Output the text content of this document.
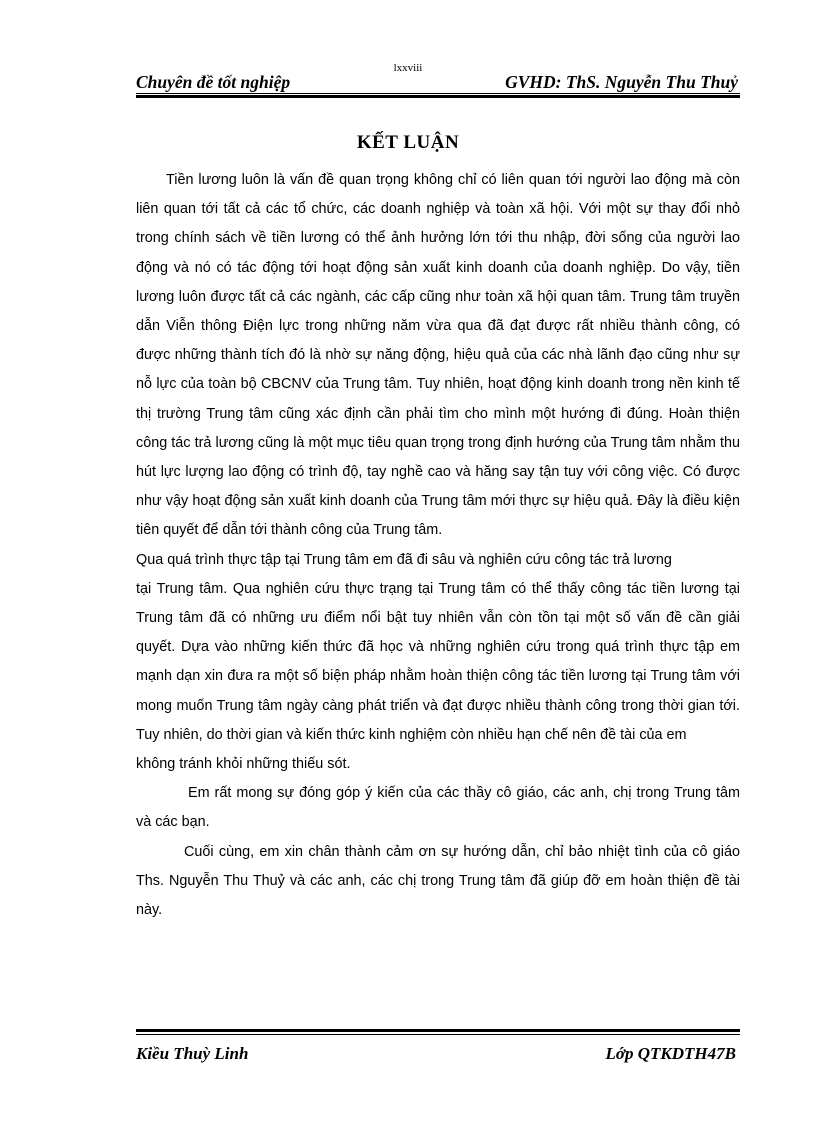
lxxviii
Chuyên đề tốt nghiệp	GVHD: ThS. Nguyễn Thu Thuỷ
KẾT LUẬN

Tiền lương luôn là vấn đề quan trọng không chỉ có liên quan tới người lao động mà còn liên quan tới tất cả các tổ chức, các doanh nghiệp và toàn xã hội. Với một sự thay đổi nhỏ trong chính sách về tiền lương có thể ảnh hưởng lớn tới thu nhập, đời sống của người lao động và nó có tác động tới hoạt động sản xuất kinh doanh của doanh nghiệp. Do vậy, tiền lương luôn được tất cả các ngành, các cấp cũng như toàn xã hội quan tâm. Trung tâm truyền dẫn Viễn thông Điện lực trong những năm vừa qua đã đạt được rất nhiều thành công, có được những thành tích đó là nhờ sự năng động, hiệu quả của các nhà lãnh đạo cũng như sự nỗ lực của toàn bộ CBCNV của Trung tâm. Tuy nhiên, hoạt động kinh doanh trong nền kinh tế thị trường Trung tâm cũng xác định cần phải tìm cho mình một hướng đi đúng. Hoàn thiện công tác trả lương cũng là một mục tiêu quan trọng trong định hướng của Trung tâm nhằm thu hút lực lượng lao động có trình độ, tay nghề cao và hăng say tận tuy với công việc. Có được như vậy hoạt động sản xuất kinh doanh của Trung tâm mới thực sự hiệu quả. Đây là điều kiện tiên quyết để dẫn tới thành công của Trung tâm.

Qua quá trình thực tập tại Trung tâm em đã đi sâu và nghiên cứu công tác trả lương

tại Trung tâm. Qua nghiên cứu thực trạng tại Trung tâm có thể thấy công tác tiền lương tại Trung tâm đã có những ưu điểm nổi bật tuy nhiên vẫn còn tồn tại một số vấn đề cần giải quyết. Dựa vào những kiến thức đã học và những nghiên cứu trong quá trình thực tập em mạnh dạn xin đưa ra một số biện pháp nhằm hoàn thiện công tác tiền lương tại Trung tâm với mong muốn Trung tâm ngày càng phát triển và đạt được nhiều thành công trong thời gian tới. Tuy nhiên, do thời gian và kiến thức kinh nghiệm còn nhiều hạn chế nên đề tài của em

không tránh khỏi những thiếu sót.

Em rất mong sự đóng góp ý kiến của các thầy cô giáo, các anh, chị trong Trung tâm và các bạn.

Cuối cùng, em xin chân thành cảm ơn sự hướng dẫn, chỉ bảo nhiệt tình của cô giáo Ths. Nguyễn Thu Thuỷ và các anh, các chị trong Trung tâm đã giúp đỡ em hoàn thiện đề tài này.

Kiều Thuỳ Linh	Lớp QTKDTH47B
